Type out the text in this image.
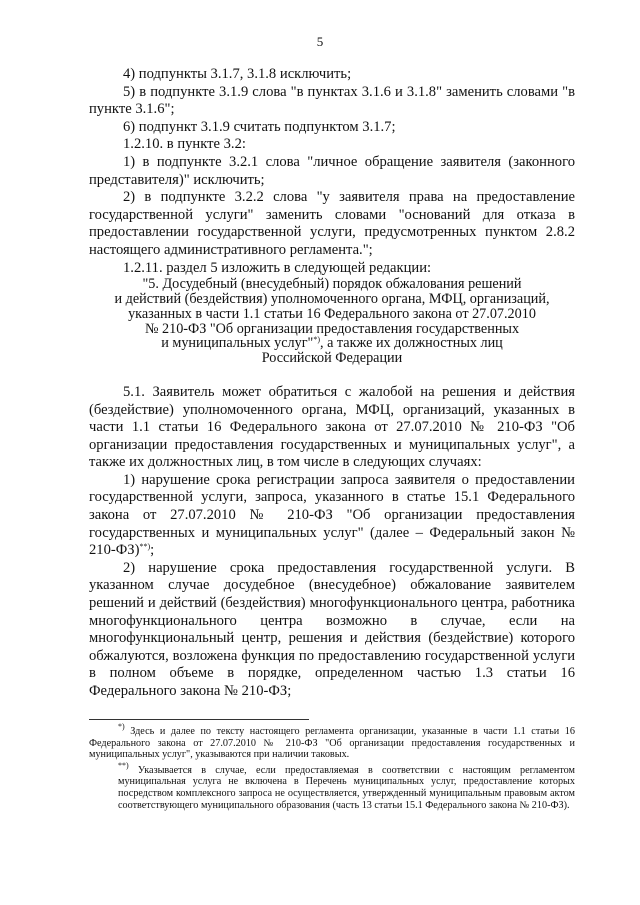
5

4) подпункты 3.1.7, 3.1.8 исключить;

5) в подпункте 3.1.9 слова "в пунктах 3.1.6 и 3.1.8" заменить словами "в пункте 3.1.6";

6) подпункт 3.1.9 считать подпунктом 3.1.7;

1.2.10. в пункте 3.2:

1) в подпункте 3.2.1 слова "личное обращение заявителя (законного представителя)" исключить;

2) в подпункте 3.2.2 слова "у заявителя права на предоставление государственной услуги" заменить словами "оснований для отказа в предоставлении государственной услуги, предусмотренных пунктом 2.8.2 настоящего административного регламента.";

1.2.11. раздел 5 изложить в следующей редакции:

"5. Досудебный (внесудебный) порядок обжалования решений

и действий (бездействия) уполномоченного органа, МФЦ, организаций,

указанных в части 1.1 статьи 16 Федерального закона от 27.07.2010

№ 210-ФЗ "Об организации предоставления государственных

и муниципальных услуг"*), а также их должностных лиц

Российской Федерации

5.1. Заявитель может обратиться с жалобой на решения и действия (бездействие) уполномоченного органа, МФЦ, организаций, указанных в части 1.1 статьи 16 Федерального закона от 27.07.2010 № 210-ФЗ "Об организации предоставления государственных и муниципальных услуг", а также их должностных лиц, в том числе в следующих случаях:

1) нарушение срока регистрации запроса заявителя о предоставлении государственной услуги, запроса, указанного в статье 15.1 Федерального закона от 27.07.2010 № 210-ФЗ "Об организации предоставления государственных и муниципальных услуг" (далее – Федеральный закон № 210-ФЗ)**);

2) нарушение срока предоставления государственной услуги. В указанном случае досудебное (внесудебное) обжалование заявителем решений и действий (бездействия) многофункционального центра, работника многофункционального центра возможно в случае, если на многофункциональный центр, решения и действия (бездействие) которого обжалуются, возложена функция по предоставлению государственной услуги в полном объеме в порядке, определенном частью 1.3 статьи 16 Федерального закона № 210-ФЗ;

*) Здесь и далее по тексту настоящего регламента организации, указанные в части 1.1 статьи 16 Федерального закона от 27.07.2010 № 210-ФЗ "Об организации предоставления государственных и муниципальных услуг", указываются при наличии таковых.

**) Указывается в случае, если предоставляемая в соответствии с настоящим регламентом муниципальная услуга не включена в Перечень муниципальных услуг, предоставление которых посредством комплексного запроса не осуществляется, утвержденный муниципальным правовым актом соответствующего муниципального образования (часть 13 статьи 15.1 Федерального закона № 210-ФЗ).
